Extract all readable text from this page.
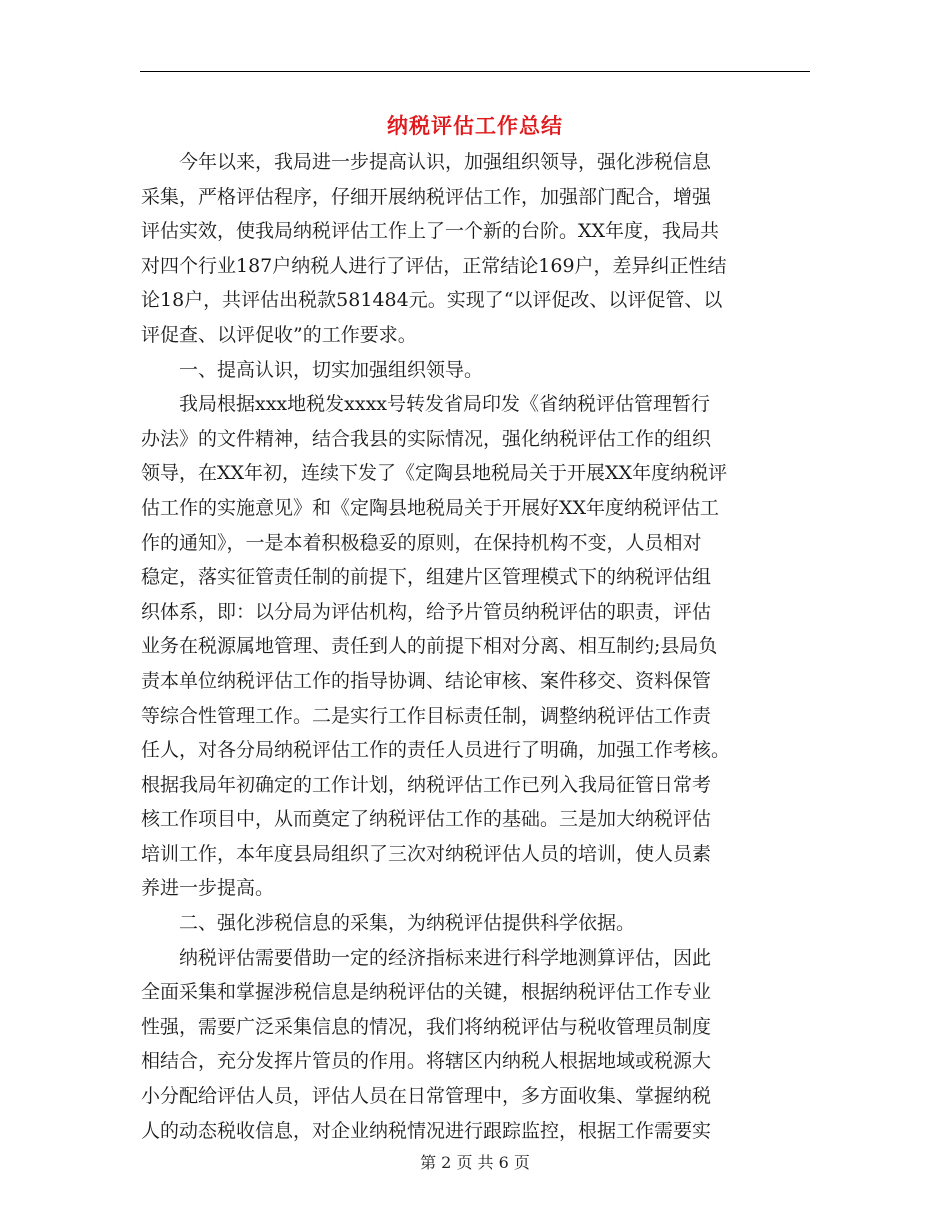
纳税评估工作总结
　　今年以来，我局进一步提高认识，加强组织领导，强化涉税信息
采集，严格评估程序，仔细开展纳税评估工作，加强部门配合，增强
评估实效，使我局纳税评估工作上了一个新的台阶。XX年度，我局共
对四个行业187户纳税人进行了评估，正常结论169户，差异纠正性结
论18户，共评估出税款581484元。实现了“以评促改、以评促管、以
评促查、以评促收”的工作要求。
　　一、提高认识，切实加强组织领导。
　　我局根据xxx地税发xxxx号转发省局印发《省纳税评估管理暂行
办法》的文件精神，结合我县的实际情况，强化纳税评估工作的组织
领导，在XX年初，连续下发了《定陶县地税局关于开展XX年度纳税评
估工作的实施意见》和《定陶县地税局关于开展好XX年度纳税评估工
作的通知》，一是本着积极稳妥的原则，在保持机构不变，人员相对
稳定，落实征管责任制的前提下，组建片区管理模式下的纳税评估组
织体系，即：以分局为评估机构，给予片管员纳税评估的职责，评估
业务在税源属地管理、责任到人的前提下相对分离、相互制约;县局负
责本单位纳税评估工作的指导协调、结论审核、案件移交、资料保管
等综合性管理工作。二是实行工作目标责任制，调整纳税评估工作责
任人，对各分局纳税评估工作的责任人员进行了明确，加强工作考核。
根据我局年初确定的工作计划，纳税评估工作已列入我局征管日常考
核工作项目中，从而奠定了纳税评估工作的基础。三是加大纳税评估
培训工作，本年度县局组织了三次对纳税评估人员的培训，使人员素
养进一步提高。
　　二、强化涉税信息的采集，为纳税评估提供科学依据。
　　纳税评估需要借助一定的经济指标来进行科学地测算评估，因此
全面采集和掌握涉税信息是纳税评估的关键，根据纳税评估工作专业
性强，需要广泛采集信息的情况，我们将纳税评估与税收管理员制度
相结合，充分发挥片管员的作用。将辖区内纳税人根据地域或税源大
小分配给评估人员，评估人员在日常管理中，多方面收集、掌握纳税
人的动态税收信息，对企业纳税情况进行跟踪监控，根据工作需要实
第 2 页 共 6 页
